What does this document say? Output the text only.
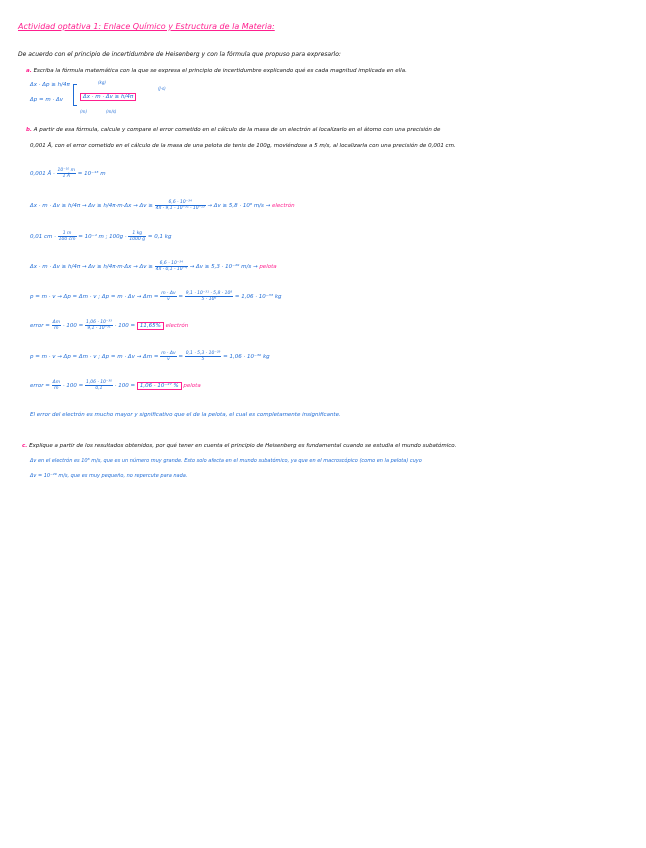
Actividad optativa 1: Enlace Químico y Estructura de la Materia:
De acuerdo con el principio de incertidumbre de Heisenberg y con la fórmula que propuso para expresarlo:
a. Escriba la fórmula matemática con la que se expresa el principio de incertidumbre explicando qué es cada magnitud implicada en ella.
Δx · Δp ≥ h/4π
Δp = m · Δv
(kg)
Δx · m · Δv ≥ h/4π
(J·s)
(m)	(m/s)
b. A partir de esa fórmula, calcule y compare el error cometido en el cálculo de la masa de un electrón al localizarlo en el átomo con una precisión de
0,001 Å, con el error cometido en el cálculo de la masa de una pelota de tenis de 100g, moviéndose a 5 m/s, al localizarla con una precisión de 0,001 cm.
0,001 Å · $\frac{\text{10⁻¹⁰ m}}{1 Å} = 10^{-13}$ m
$\Delta x \cdot m \cdot \Delta v \ge h/4\pi \to \Delta v \ge h/4\pi\cdot m\cdot\Delta x \to \Delta v \ge \frac{\text{6,6 · 10⁻³⁴}}{\text{4π · 9,1 · 10⁻³¹ · 10⁻¹³}} \to \Delta v \ge 5,8 \cdot 10^8$ m/s → electrón
0,01 cm · $\frac{1 m}{100 cm} = 10^{-4}$ m ; $100g \cdot \frac{1 kg}{1000 g} = 0,1$ kg
$\Delta x \cdot m \cdot \Delta v \ge h/4\pi \to \Delta v \ge h/4\pi\cdot m\cdot\Delta x \to \Delta v \ge \frac{\text{6,6 · 10⁻³⁴}}{\text{4π · 0,1 · 10⁻⁴}} \to \Delta v \ge 5,3 \cdot 10^{-29}$ m/s → pelota
p = m · v → Δp = Δm · v ; $\Delta p = m \cdot \Delta v \to \Delta m = \frac{m \cdot \Delta v}{v} = \frac{\text{9,1 · 10⁻³¹ · 5,8 · 10⁸}}{\text{5 · 10⁶}} = 1,06 \cdot 10^{-33}$ kg
error = $\frac{\Delta m}{m} \cdot 100 = \frac{\text{1,06 · 10⁻³³}}{\text{9,1 · 10⁻³¹}} \cdot 100 = 11,65\%$ electrón
p = m · v → Δp = Δm · v ; $\Delta p = m \cdot \Delta v \to \Delta m = \frac{m \cdot \Delta v}{v} = \frac{\text{0,1 · 5,3 · 10⁻²⁹}}{5} = 1,06 \cdot 10^{-30}$ kg
error = $\frac{\Delta m}{m} \cdot 100 = \frac{\text{1,06 · 10⁻³⁰}}{0,1} \cdot 100 = 1,06 \cdot 10^{-27}$ % pelota
El error del electrón es mucho mayor y significativo que el de la pelota, el cual es completamente insignificante.
c. Explique a partir de los resultados obtenidos, por qué tener en cuenta el principio de Heisenberg es fundamental cuando se estudia el mundo subatómico.
Δv en el electrón es 10⁸ m/s, que es un número muy grande. Esto solo afecta en el mundo subatómico, ya que en el macroscópico (como en la pelota) cuyo
Δv = 10⁻²⁹ m/s, que es muy pequeño, no repercute para nada.
